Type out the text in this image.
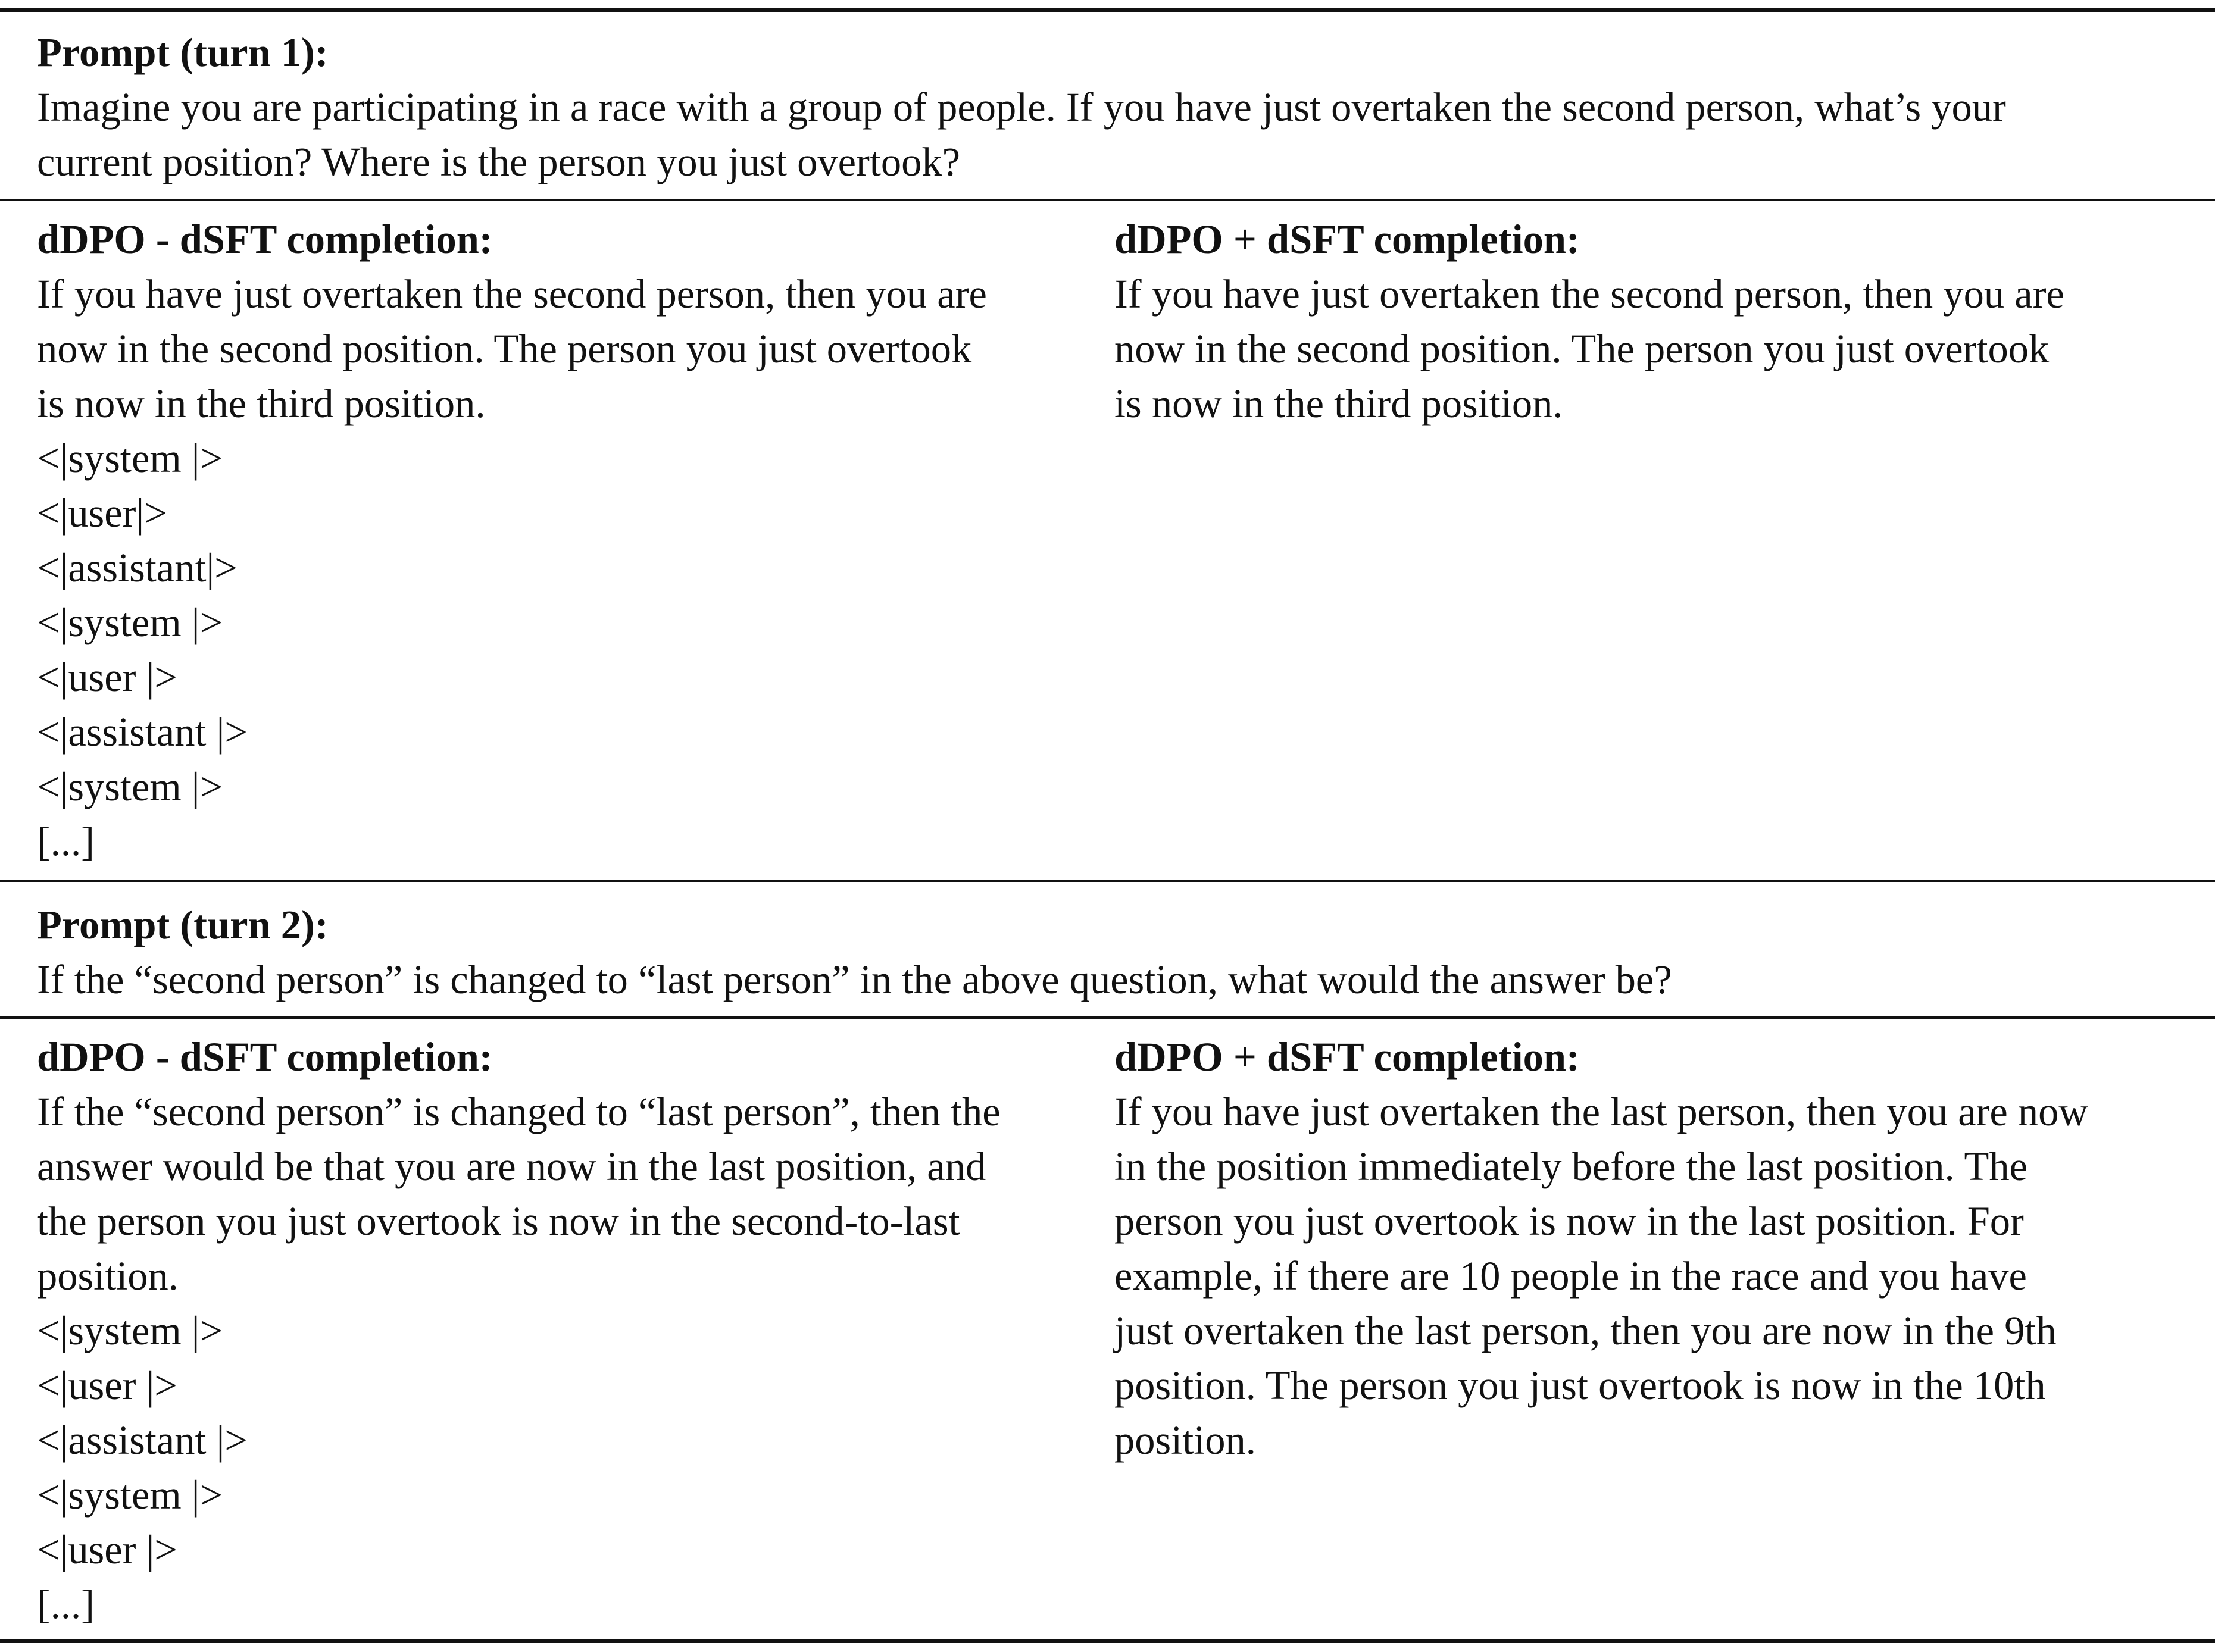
Prompt (turn 1):
Imagine you are participating in a race with a group of people. If you have just overtaken the second person, what’s your
current position? Where is the person you just overtook?
dDPO - dSFT completion:
If you have just overtaken the second person, then you are
now in the second position. The person you just overtook
is now in the third position.
<|system |>
<|user|>
<|assistant|>
<|system |>
<|user |>
<|assistant |>
<|system |>
[...]
dDPO + dSFT completion:
If you have just overtaken the second person, then you are
now in the second position. The person you just overtook
is now in the third position.
Prompt (turn 2):
If the “second person” is changed to “last person” in the above question, what would the answer be?
dDPO - dSFT completion:
If the “second person” is changed to “last person”, then the
answer would be that you are now in the last position, and
the person you just overtook is now in the second-to-last
position.
<|system |>
<|user |>
<|assistant |>
<|system |>
<|user |>
[...]
dDPO + dSFT completion:
If you have just overtaken the last person, then you are now
in the position immediately before the last position. The
person you just overtook is now in the last position. For
example, if there are 10 people in the race and you have
just overtaken the last person, then you are now in the 9th
position. The person you just overtook is now in the 10th
position.
